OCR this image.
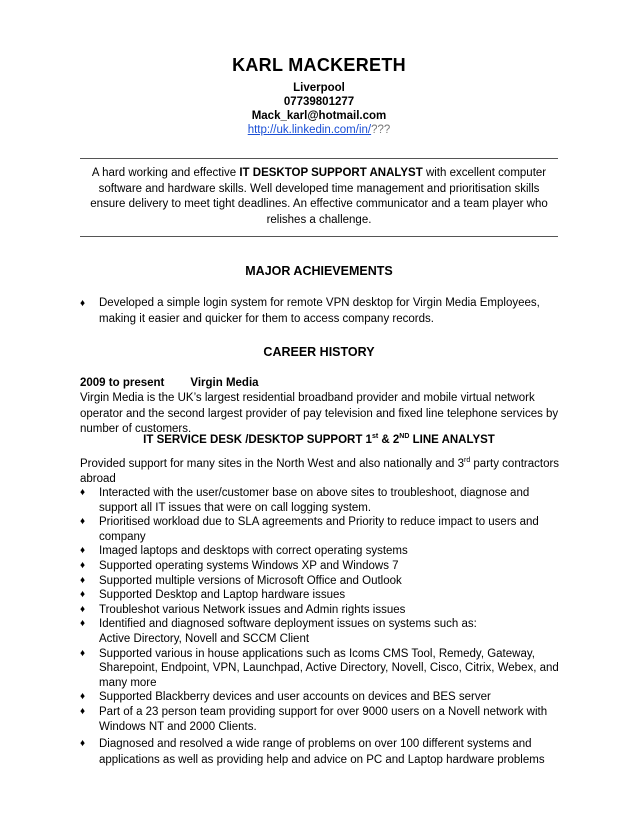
KARL MACKERETH
Liverpool
07739801277
Mack_karl@hotmail.com
http://uk.linkedin.com/in/???
A hard working and effective IT DESKTOP SUPPORT ANALYST with excellent computer software and hardware skills. Well developed time management and prioritisation skills ensure delivery to meet tight deadlines. An effective communicator and a team player who relishes a challenge.
MAJOR ACHIEVEMENTS
♦ Developed a simple login system for remote VPN desktop for Virgin Media Employees, making it easier and quicker for them to access company records.
CAREER HISTORY
2009 to present Virgin Media
Virgin Media is the UK’s largest residential broadband provider and mobile virtual network operator and the second largest provider of pay television and fixed line telephone services by number of customers.
IT SERVICE DESK /DESKTOP SUPPORT 1st & 2ND LINE ANALYST
Provided support for many sites in the North West and also nationally and 3rd party contractors abroad
♦ Interacted with the user/customer base on above sites to troubleshoot, diagnose and support all IT issues that were on call logging system.
♦ Prioritised workload due to SLA agreements and Priority to reduce impact to users and company
♦ Imaged laptops and desktops with correct operating systems
♦ Supported operating systems Windows XP and Windows 7
♦ Supported multiple versions of Microsoft Office and Outlook
♦ Supported Desktop and Laptop hardware issues
♦ Troubleshot various Network issues and Admin rights issues
♦ Identified and diagnosed software deployment issues on systems such as:
Active Directory, Novell and SCCM Client
♦ Supported various in house applications such as Icoms CMS Tool, Remedy, Gateway, Sharepoint, Endpoint, VPN, Launchpad, Active Directory, Novell, Cisco, Citrix, Webex, and many more
♦ Supported Blackberry devices and user accounts on devices and BES server
♦ Part of a 23 person team providing support for over 9000 users on a Novell network with Windows NT and 2000 Clients.
♦ Diagnosed and resolved a wide range of problems on over 100 different systems and applications as well as providing help and advice on PC and Laptop hardware problems
